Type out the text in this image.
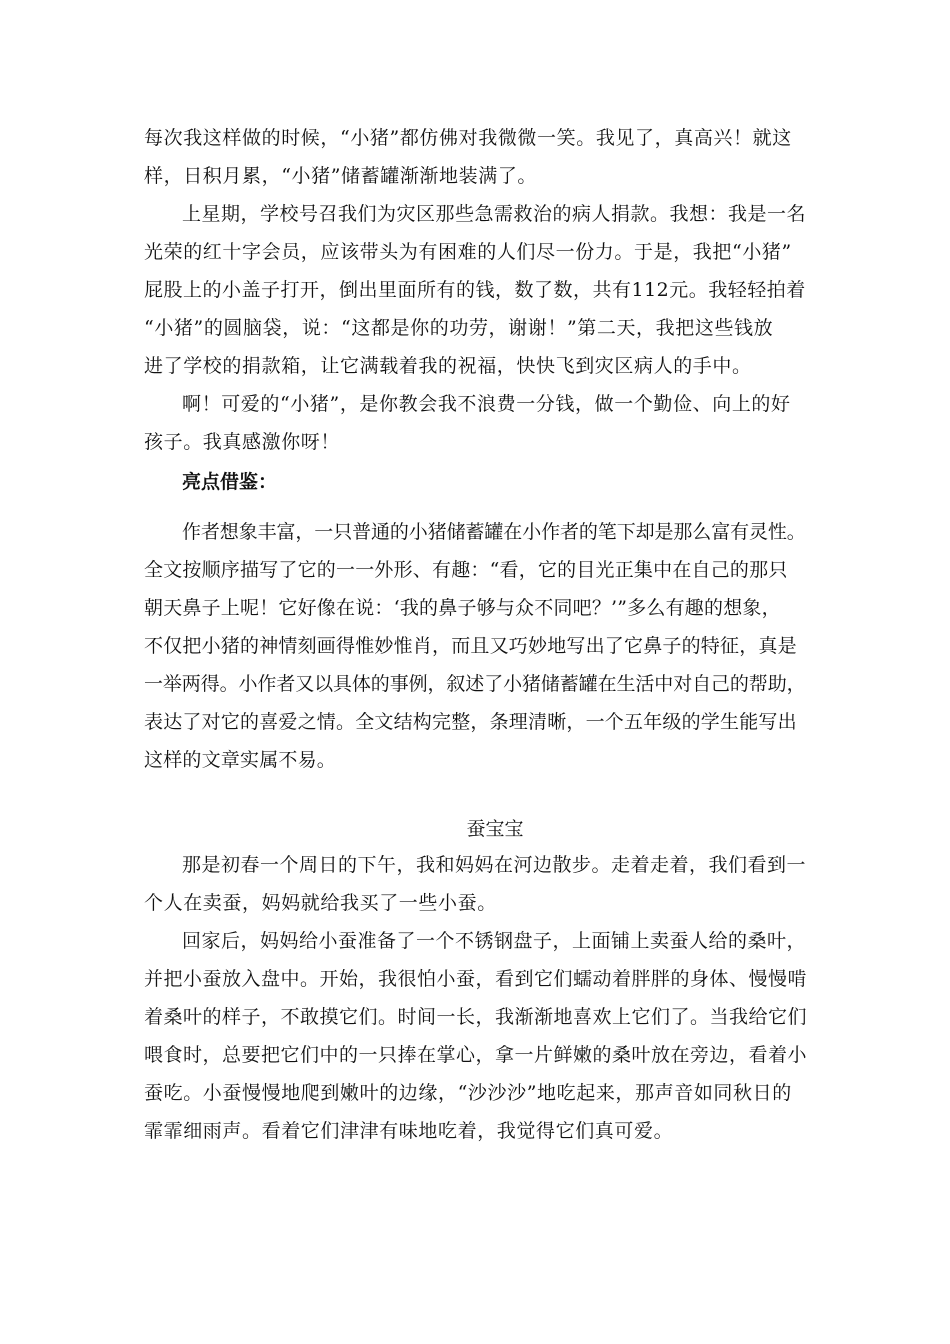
每次我这样做的时候，“小猪”都仿佛对我微微一笑。我见了，真高兴！就这
样，日积月累，“小猪”储蓄罐渐渐地装满了。
上星期，学校号召我们为灾区那些急需救治的病人捐款。我想：我是一名
光荣的红十字会员，应该带头为有困难的人们尽一份力。于是，我把“小猪”
屁股上的小盖子打开，倒出里面所有的钱，数了数，共有112元。我轻轻拍着
“小猪”的圆脑袋，说：“这都是你的功劳，谢谢！”第二天，我把这些钱放
进了学校的捐款箱，让它满载着我的祝福，快快飞到灾区病人的手中。
啊！可爱的“小猪”，是你教会我不浪费一分钱，做一个勤俭、向上的好
孩子。我真感激你呀！
亮点借鉴：
作者想象丰富，一只普通的小猪储蓄罐在小作者的笔下却是那么富有灵性。
全文按顺序描写了它的一一外形、有趣：“看，它的目光正集中在自己的那只
朝天鼻子上呢！它好像在说：‘我的鼻子够与众不同吧？’”多么有趣的想象，
不仅把小猪的神情刻画得惟妙惟肖，而且又巧妙地写出了它鼻子的特征，真是
一举两得。小作者又以具体的事例，叙述了小猪储蓄罐在生活中对自己的帮助，
表达了对它的喜爱之情。全文结构完整，条理清晰，一个五年级的学生能写出
这样的文章实属不易。
蚕宝宝
那是初春一个周日的下午，我和妈妈在河边散步。走着走着，我们看到一
个人在卖蚕，妈妈就给我买了一些小蚕。
回家后，妈妈给小蚕准备了一个不锈钢盘子，上面铺上卖蚕人给的桑叶，
并把小蚕放入盘中。开始，我很怕小蚕，看到它们蠕动着胖胖的身体、慢慢啃
着桑叶的样子，不敢摸它们。时间一长，我渐渐地喜欢上它们了。当我给它们
喂食时，总要把它们中的一只捧在掌心，拿一片鲜嫩的桑叶放在旁边，看着小
蚕吃。小蚕慢慢地爬到嫩叶的边缘，“沙沙沙”地吃起来，那声音如同秋日的
霏霏细雨声。看着它们津津有味地吃着，我觉得它们真可爱。
